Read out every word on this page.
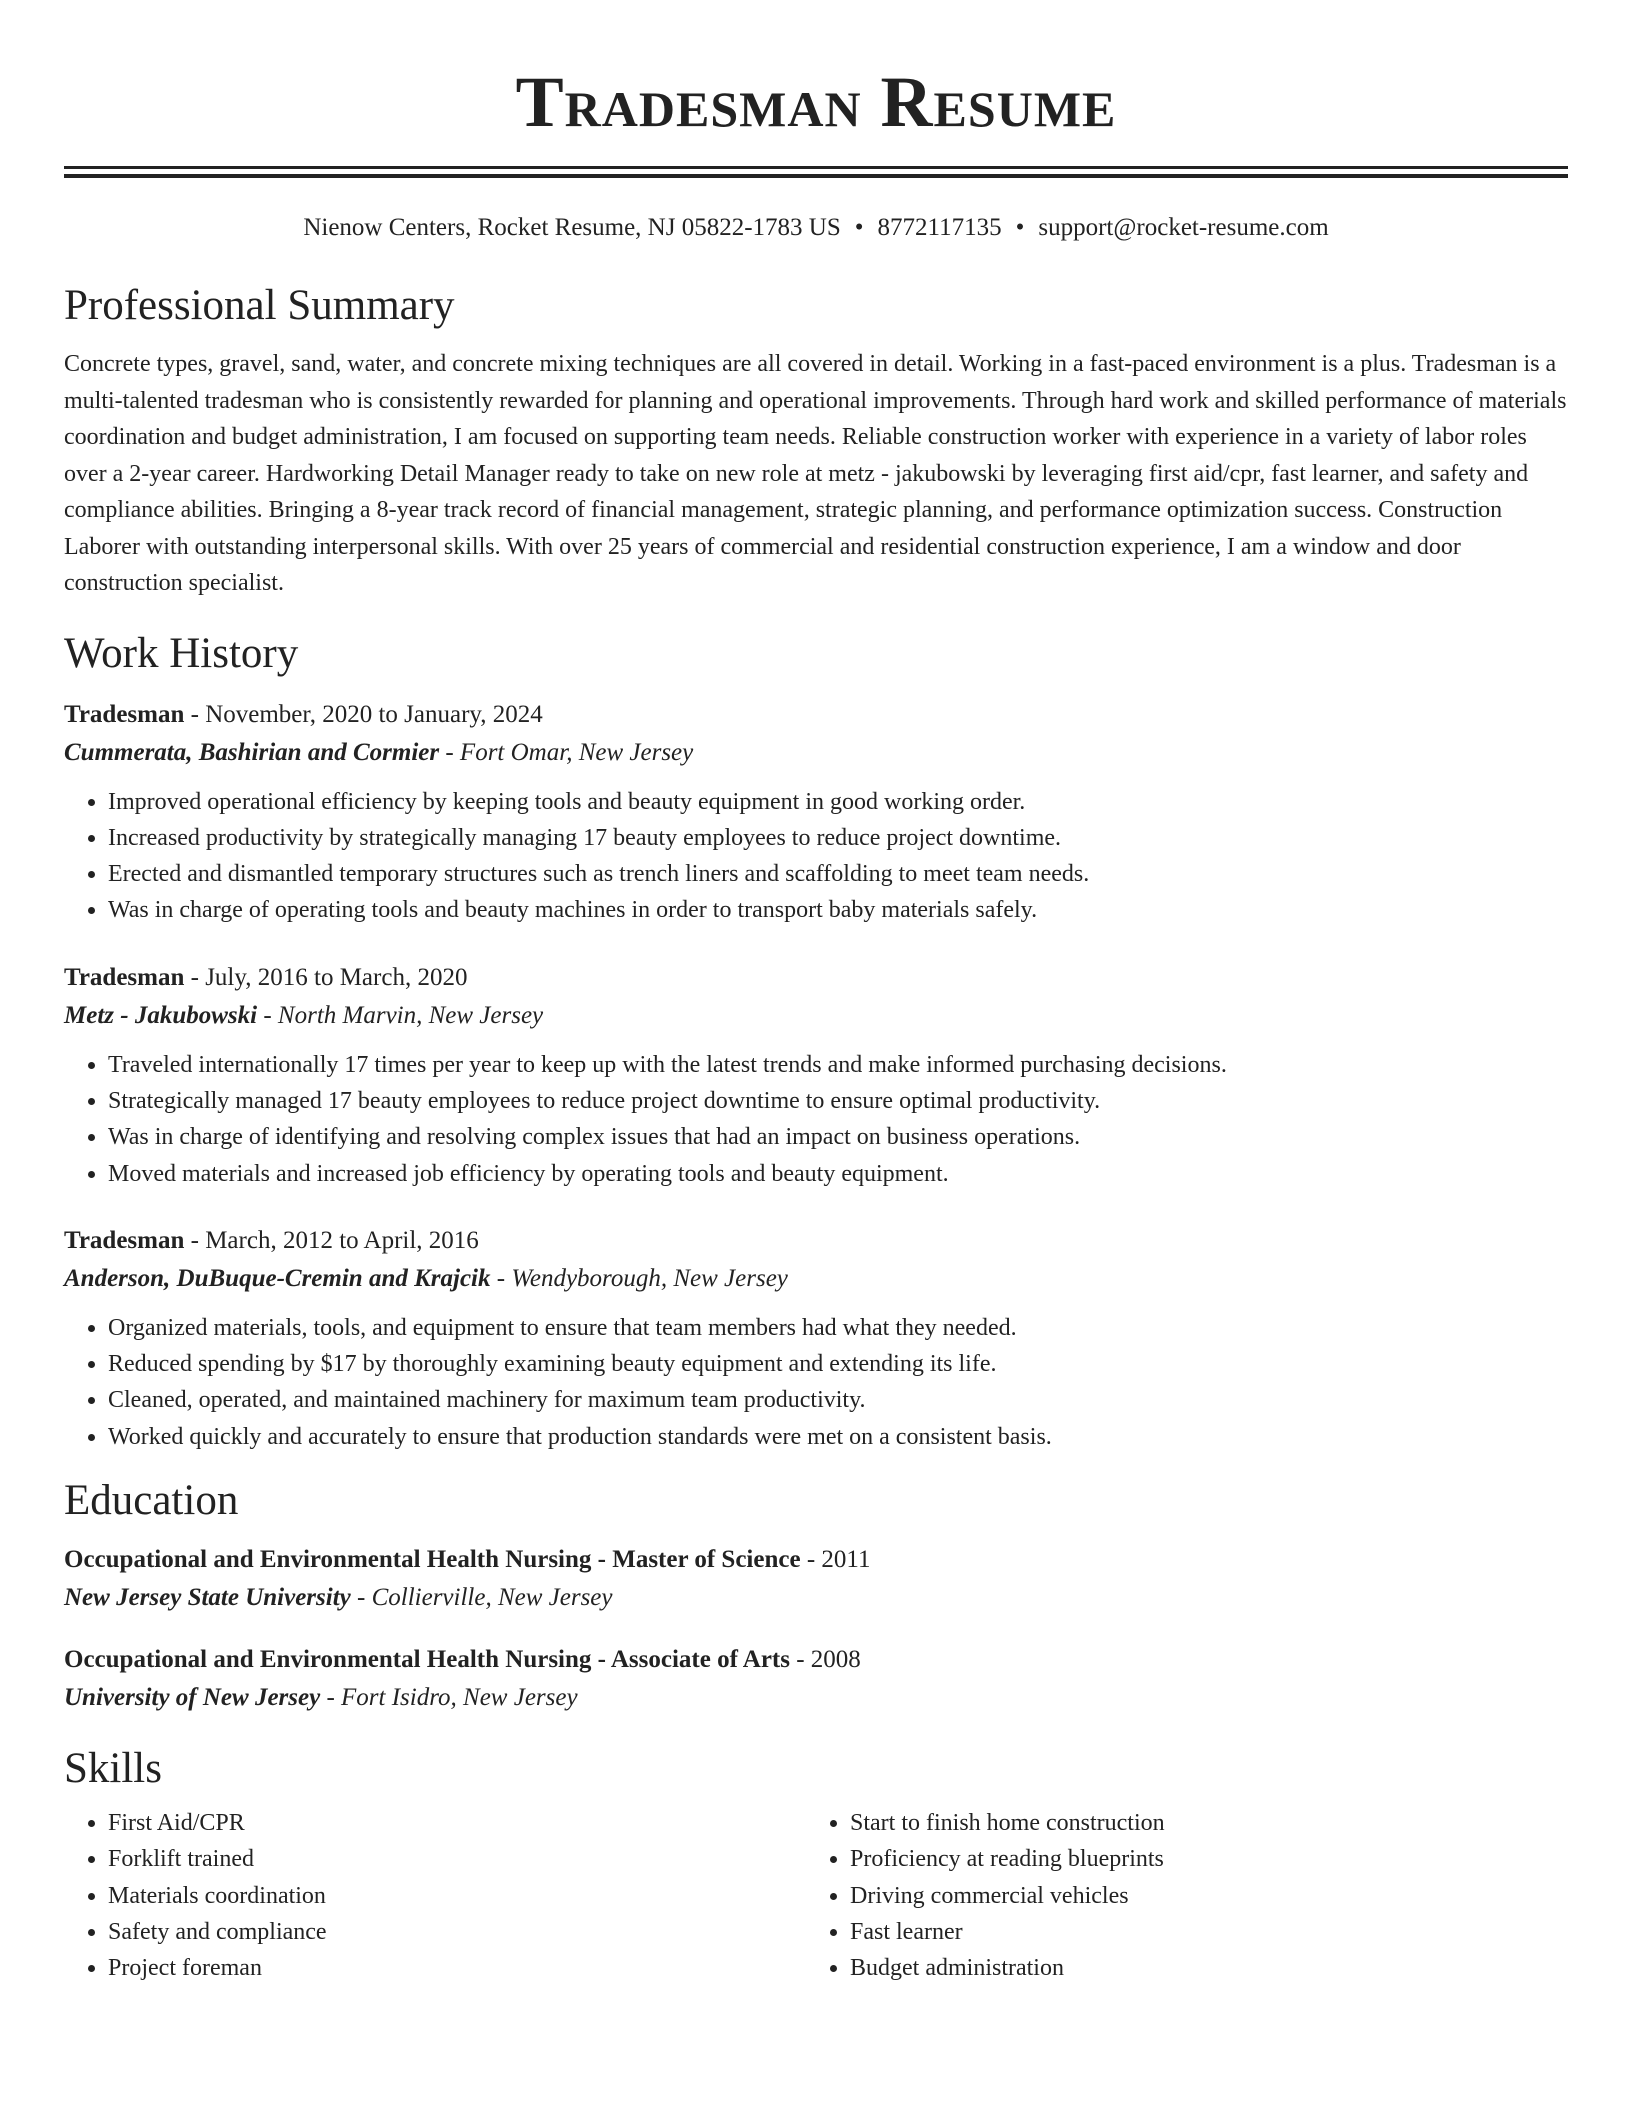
Tradesman Resume
Nienow Centers, Rocket Resume, NJ 05822-1783 US • 8772117135 • support@rocket-resume.com
Professional Summary
Concrete types, gravel, sand, water, and concrete mixing techniques are all covered in detail. Working in a fast-paced environment is a plus. Tradesman is a multi-talented tradesman who is consistently rewarded for planning and operational improvements. Through hard work and skilled performance of materials coordination and budget administration, I am focused on supporting team needs. Reliable construction worker with experience in a variety of labor roles over a 2-year career. Hardworking Detail Manager ready to take on new role at metz - jakubowski by leveraging first aid/cpr, fast learner, and safety and compliance abilities. Bringing a 8-year track record of financial management, strategic planning, and performance optimization success. Construction Laborer with outstanding interpersonal skills. With over 25 years of commercial and residential construction experience, I am a window and door construction specialist.
Work History
Tradesman - November, 2020 to January, 2024
Cummerata, Bashirian and Cormier - Fort Omar, New Jersey
• Improved operational efficiency by keeping tools and beauty equipment in good working order.
• Increased productivity by strategically managing 17 beauty employees to reduce project downtime.
• Erected and dismantled temporary structures such as trench liners and scaffolding to meet team needs.
• Was in charge of operating tools and beauty machines in order to transport baby materials safely.
Tradesman - July, 2016 to March, 2020
Metz - Jakubowski - North Marvin, New Jersey
• Traveled internationally 17 times per year to keep up with the latest trends and make informed purchasing decisions.
• Strategically managed 17 beauty employees to reduce project downtime to ensure optimal productivity.
• Was in charge of identifying and resolving complex issues that had an impact on business operations.
• Moved materials and increased job efficiency by operating tools and beauty equipment.
Tradesman - March, 2012 to April, 2016
Anderson, DuBuque-Cremin and Krajcik - Wendyborough, New Jersey
• Organized materials, tools, and equipment to ensure that team members had what they needed.
• Reduced spending by $17 by thoroughly examining beauty equipment and extending its life.
• Cleaned, operated, and maintained machinery for maximum team productivity.
• Worked quickly and accurately to ensure that production standards were met on a consistent basis.
Education
Occupational and Environmental Health Nursing - Master of Science - 2011
New Jersey State University - Collierville, New Jersey
Occupational and Environmental Health Nursing - Associate of Arts - 2008
University of New Jersey - Fort Isidro, New Jersey
Skills
• First Aid/CPR
• Forklift trained
• Materials coordination
• Safety and compliance
• Project foreman
• Start to finish home construction
• Proficiency at reading blueprints
• Driving commercial vehicles
• Fast learner
• Budget administration
